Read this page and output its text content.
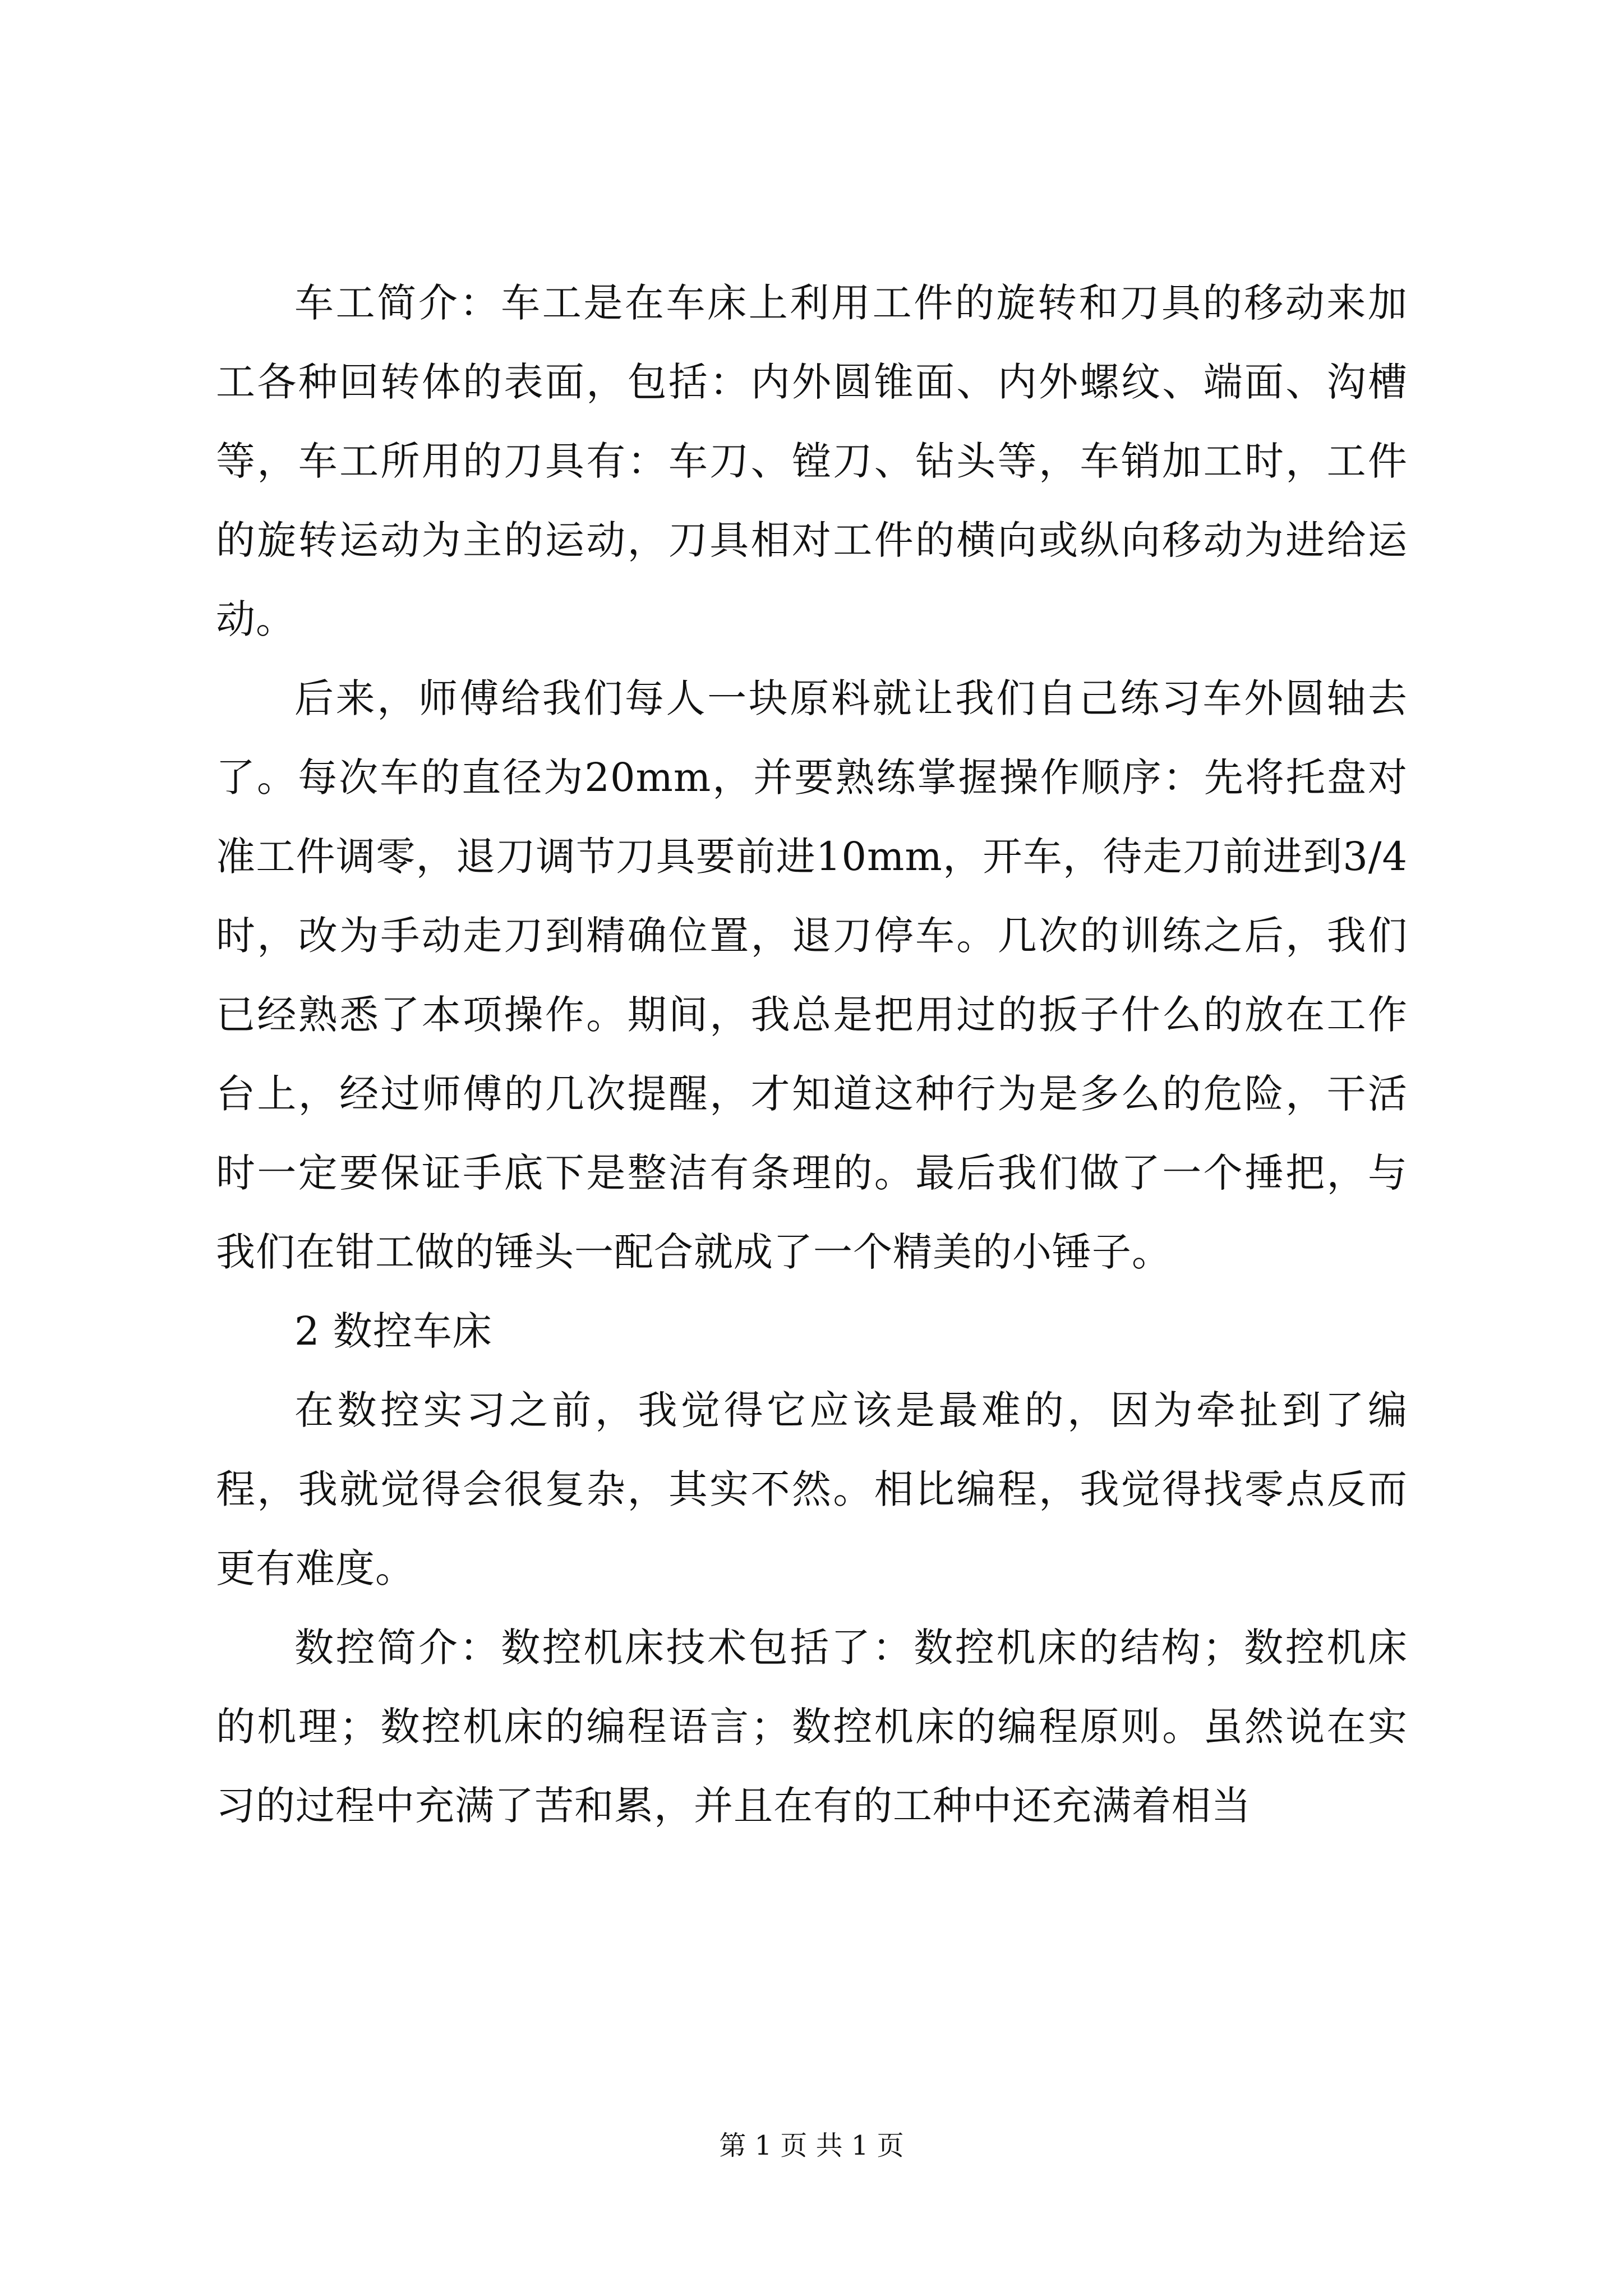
车工简介：车工是在车床上利用工件的旋转和刀具的移动来加工各种回转体的表面，包括：内外圆锥面、内外螺纹、端面、沟槽等，车工所用的刀具有：车刀、镗刀、钻头等，车销加工时，工件的旋转运动为主的运动，刀具相对工件的横向或纵向移动为进给运动。

后来，师傅给我们每人一块原料就让我们自己练习车外圆轴去了。每次车的直径为20mm，并要熟练掌握操作顺序：先将托盘对准工件调零，退刀调节刀具要前进10mm，开车，待走刀前进到3/4时，改为手动走刀到精确位置，退刀停车。几次的训练之后，我们已经熟悉了本项操作。期间，我总是把用过的扳子什么的放在工作台上，经过师傅的几次提醒，才知道这种行为是多么的危险，干活时一定要保证手底下是整洁有条理的。最后我们做了一个捶把，与我们在钳工做的锤头一配合就成了一个精美的小锤子。

2 数控车床

在数控实习之前，我觉得它应该是最难的，因为牵扯到了编程，我就觉得会很复杂，其实不然。相比编程，我觉得找零点反而更有难度。

数控简介：数控机床技术包括了：数控机床的结构；数控机床的机理；数控机床的编程语言；数控机床的编程原则。虽然说在实习的过程中充满了苦和累，并且在有的工种中还充满着相当

第 1 页 共 1 页
